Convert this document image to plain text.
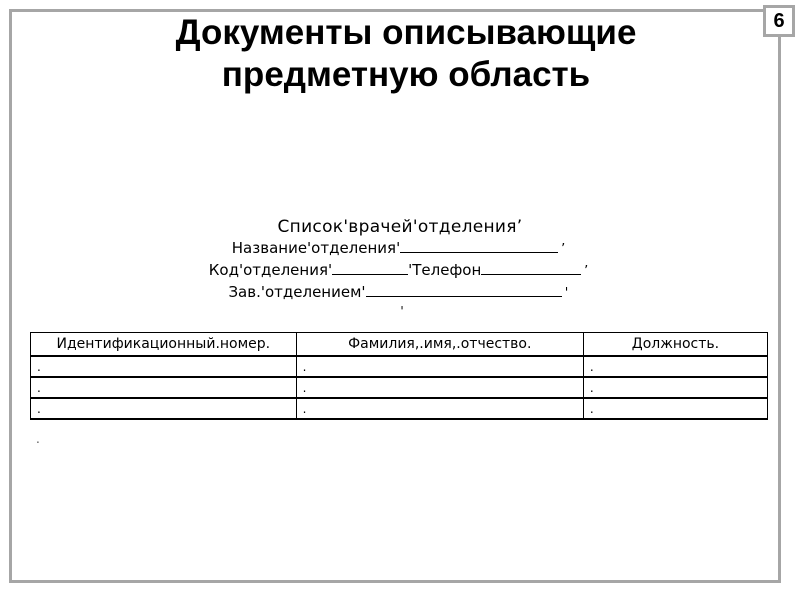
6
Документы описывающие
предметную область
Список'врачей'отделения’
Название'отделения'	’
Код'отделения'	'Телефон	’
Зав.'отделением'	'
'
Идентификационный.номер.	Фамилия,.имя,.отчество.	Должность.
.	.	.
.	.	.
.	.	.
.
